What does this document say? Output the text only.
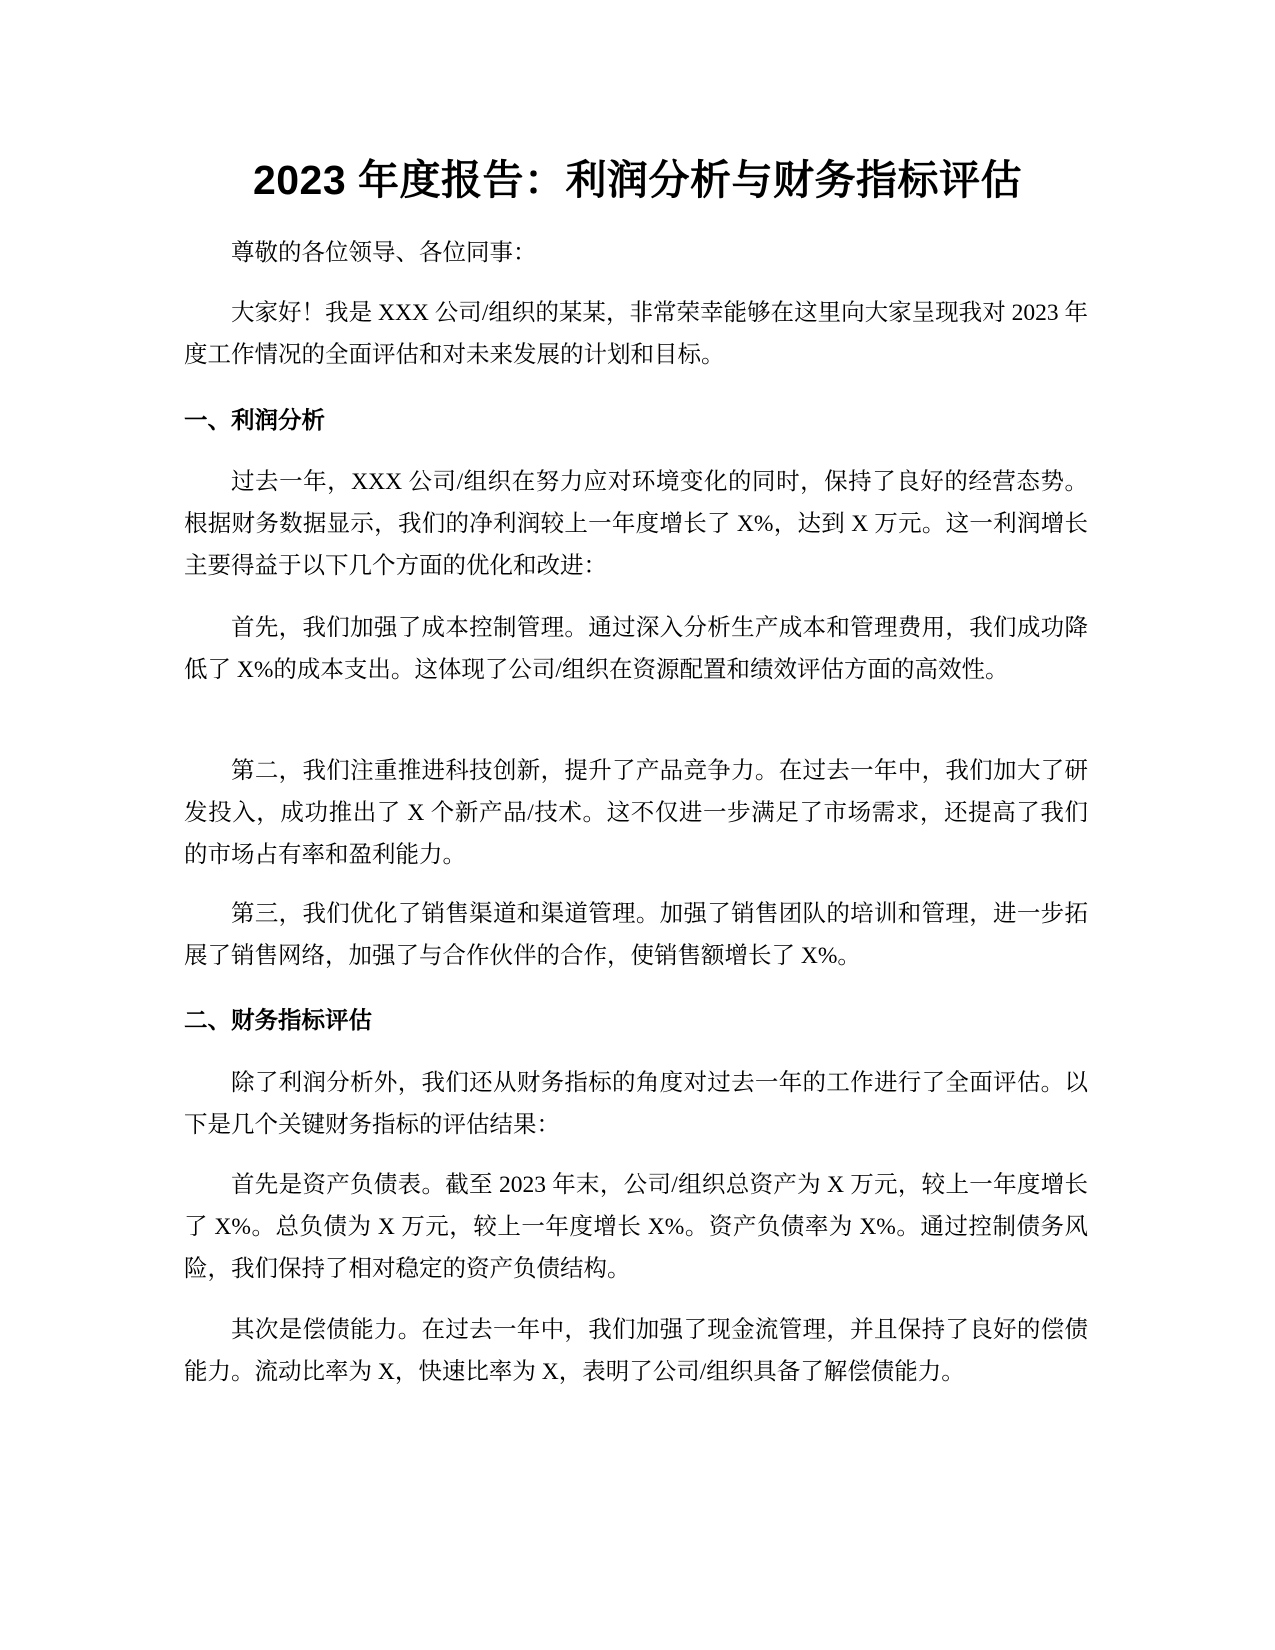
2023 年度报告：利润分析与财务指标评估

尊敬的各位领导、各位同事：

大家好！我是 XXX 公司/组织的某某，非常荣幸能够在这里向大家呈现我对 2023 年度工作情况的全面评估和对未来发展的计划和目标。

一、利润分析

过去一年，XXX 公司/组织在努力应对环境变化的同时，保持了良好的经营态势。根据财务数据显示，我们的净利润较上一年度增长了 X%，达到 X 万元。这一利润增长主要得益于以下几个方面的优化和改进：

首先，我们加强了成本控制管理。通过深入分析生产成本和管理费用，我们成功降低了 X%的成本支出。这体现了公司/组织在资源配置和绩效评估方面的高效性。

第二，我们注重推进科技创新，提升了产品竞争力。在过去一年中，我们加大了研发投入，成功推出了 X 个新产品/技术。这不仅进一步满足了市场需求，还提高了我们的市场占有率和盈利能力。

第三，我们优化了销售渠道和渠道管理。加强了销售团队的培训和管理，进一步拓展了销售网络，加强了与合作伙伴的合作，使销售额增长了 X%。

二、财务指标评估

除了利润分析外，我们还从财务指标的角度对过去一年的工作进行了全面评估。以下是几个关键财务指标的评估结果：

首先是资产负债表。截至 2023 年末，公司/组织总资产为 X 万元，较上一年度增长了 X%。总负债为 X 万元，较上一年度增长 X%。资产负债率为 X%。通过控制债务风险，我们保持了相对稳定的资产负债结构。

其次是偿债能力。在过去一年中，我们加强了现金流管理，并且保持了良好的偿债能力。流动比率为 X，快速比率为 X，表明了公司/组织具备了解偿债能力。
